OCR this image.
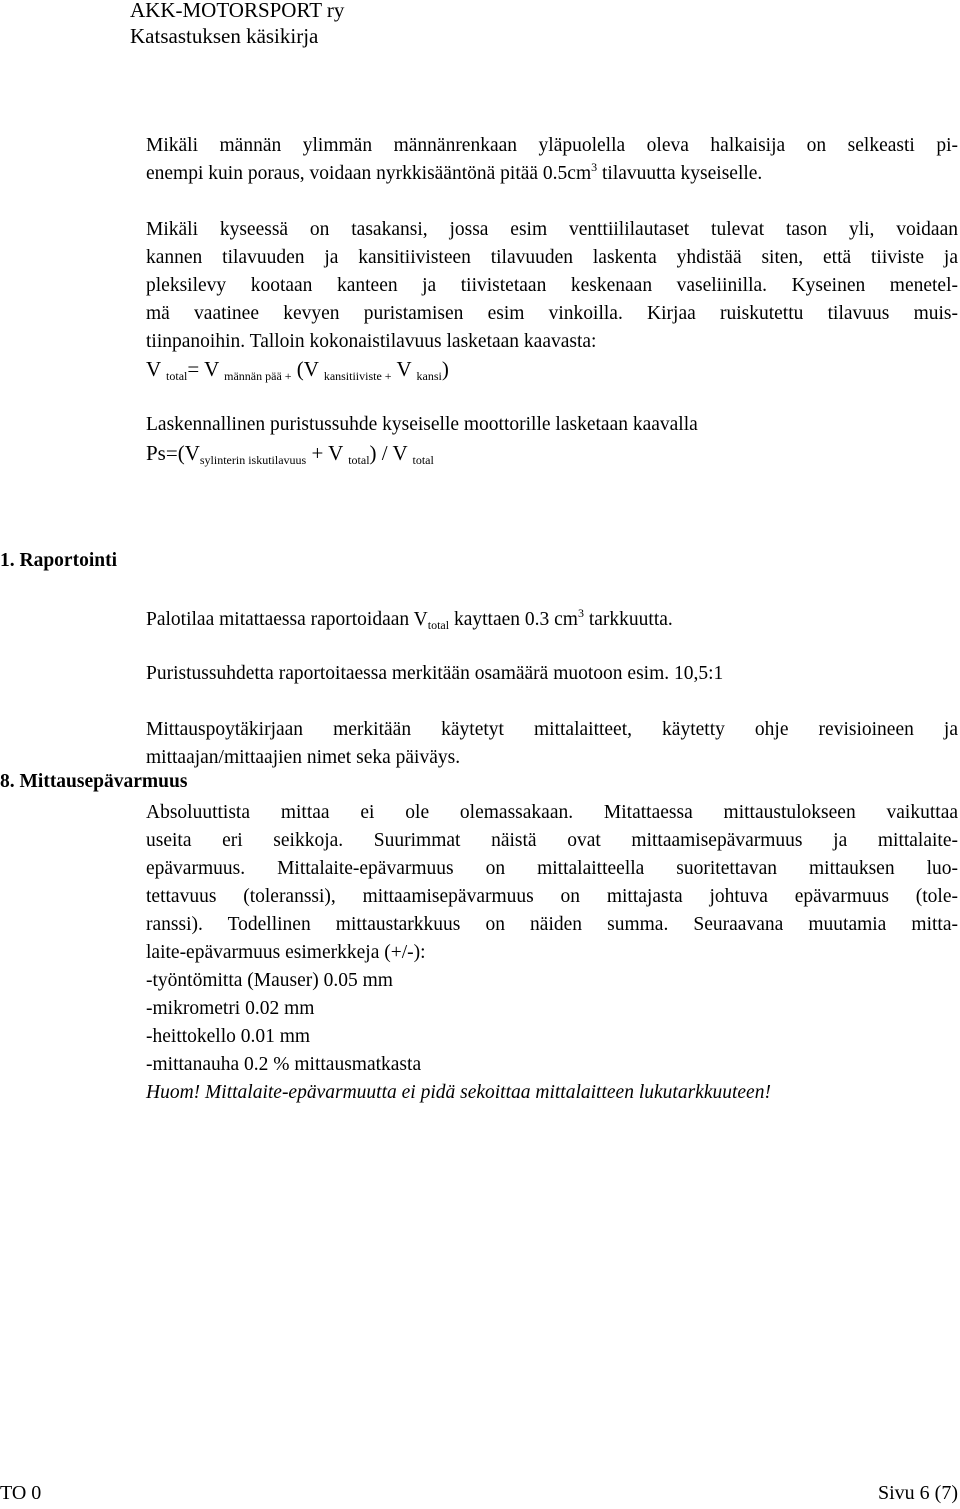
AKK-MOTORSPORT ry
Katsastuksen käsikirja
Mikäli männän ylimmän männänrenkaan yläpuolella oleva halkaisija on selkeasti pi-
enempi kuin poraus, voidaan nyrkkisääntönä pitää $0.5cm^3$ tilavuutta kyseiselle.
Mikäli kyseessä on tasakansi, jossa esim venttiililautaset tulevat tason yli, voidaan
kannen tilavuuden ja kansitiivisteen tilavuuden laskenta yhdistää siten, että tiiviste ja
pleksilevy kootaan kanteen ja tiivistetaan keskenaan vaseliinilla. Kyseinen menetel-
mä vaatinee kevyen puristamisen esim vinkoilla. Kirjaa ruiskutettu tilavuus muis-
tiinpanoihin. Talloin kokonaistilavuus lasketaan kaavasta:
V $_{total}$= V $_{männän pää +}$ (V $_{kansitiiviste +}$ V $_{kansi}$)
Laskennallinen puristussuhde kyseiselle moottorille lasketaan kaavalla
$Ps=(V_{sylinterin iskutilavuus} + V$ $_{total}$) / V $_{total}$
1. Raportointi
Palotilaa mitattaessa raportoidaan $V_{total}$ kayttaen 0.3 $cm^3$ tarkkuutta.
Puristussuhdetta raportoitaessa merkitään osamäärä muotoon esim. 10,5:1
Mittauspoytäkirjaan merkitään käytetyt mittalaitteet, käytetty ohje revisioineen ja
mittaajan/mittaajien nimet seka päiväys.
8. Mittausepävarmuus
Absoluuttista mittaa ei ole olemassakaan. Mitattaessa mittaustulokseen vaikuttaa
useita eri seikkoja. Suurimmat näistä ovat mittaamisepävarmuus ja mittalaite-
epävarmuus. Mittalaite-epävarmuus on mittalaitteella suoritettavan mittauksen luo-
tettavuus (toleranssi), mittaamisepävarmuus on mittajasta johtuva epävarmuus (tole-
ranssi). Todellinen mittaustarkkuus on näiden summa. Seuraavana muutamia mitta-
laite-epävarmuus esimerkkeja (+/-):
-työntömitta (Mauser) 0.05 mm
-mikrometri 0.02 mm
-heittokello 0.01 mm
-mittanauha 0.2 % mittausmatkasta
Huom! Mittalaite-epävarmuutta ei pidä sekoittaa mittalaitteen lukutarkkuuteen!
TO 0	Sivu 6 (7)
